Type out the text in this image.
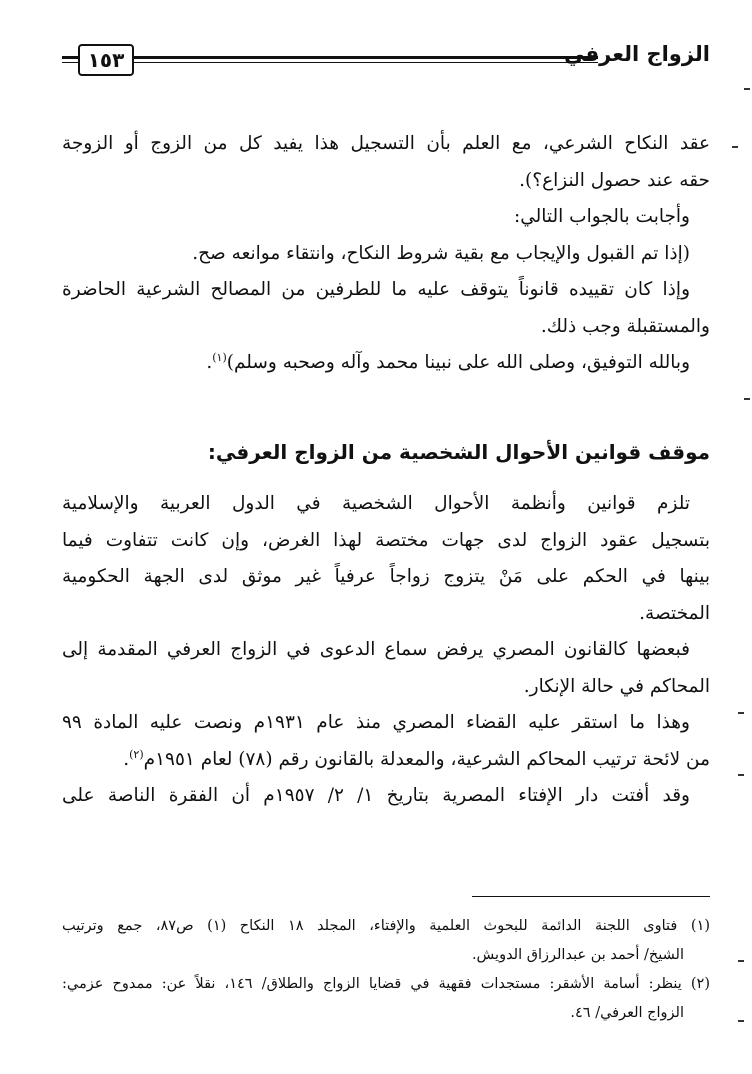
١٥٣	الزواج العرفي
عقد النكاح الشرعي، مع العلم بأن التسجيل هذا يفيد كل من الزوج أو الزوجة
حقه عند حصول النزاع؟).
وأجابت بالجواب التالي:
(إذا تم القبول والإيجاب مع بقية شروط النكاح، وانتقاء موانعه صح.
وإذا كان تقييده قانوناً يتوقف عليه ما للطرفين من المصالح الشرعية الحاضرة
والمستقبلة وجب ذلك.
وبالله التوفيق، وصلى الله على نبينا محمد وآله وصحبه وسلم)$^{(١)}$.
موقف قوانين الأحوال الشخصية من الزواج العرفي:
تلزم قوانين وأنظمة الأحوال الشخصية في الدول العربية والإسلامية
بتسجيل عقود الزواج لدى جهات مختصة لهذا الغرض، وإن كانت تتفاوت فيما
بينها في الحكم على مَنْ يتزوج زواجاً عرفياً غير موثق لدى الجهة الحكومية
المختصة.
فبعضها كالقانون المصري يرفض سماع الدعوى في الزواج العرفي المقدمة إلى
المحاكم في حالة الإنكار.
وهذا ما استقر عليه القضاء المصري منذ عام ١٩٣١م ونصت عليه المادة ٩٩
من لائحة ترتيب المحاكم الشرعية، والمعدلة بالقانون رقم (٧٨) لعام ١٩٥١م$^{(٢)}$.
وقد أفتت دار الإفتاء المصرية بتاريخ ١/ ٢/ ١٩٥٧م أن الفقرة الناصة على
(١) فتاوى اللجنة الدائمة للبحوث العلمية والإفتاء، المجلد ١٨ النكاح (١) ص٨٧، جمع وترتيب
الشيخ/ أحمد بن عبدالرزاق الدويش.
(٢) ينظر: أسامة الأشقر: مستجدات فقهية في قضايا الزواج والطلاق/ ١٤٦، نقلاً عن: ممدوح عزمي:
الزواج العرفي/ ٤٦.
